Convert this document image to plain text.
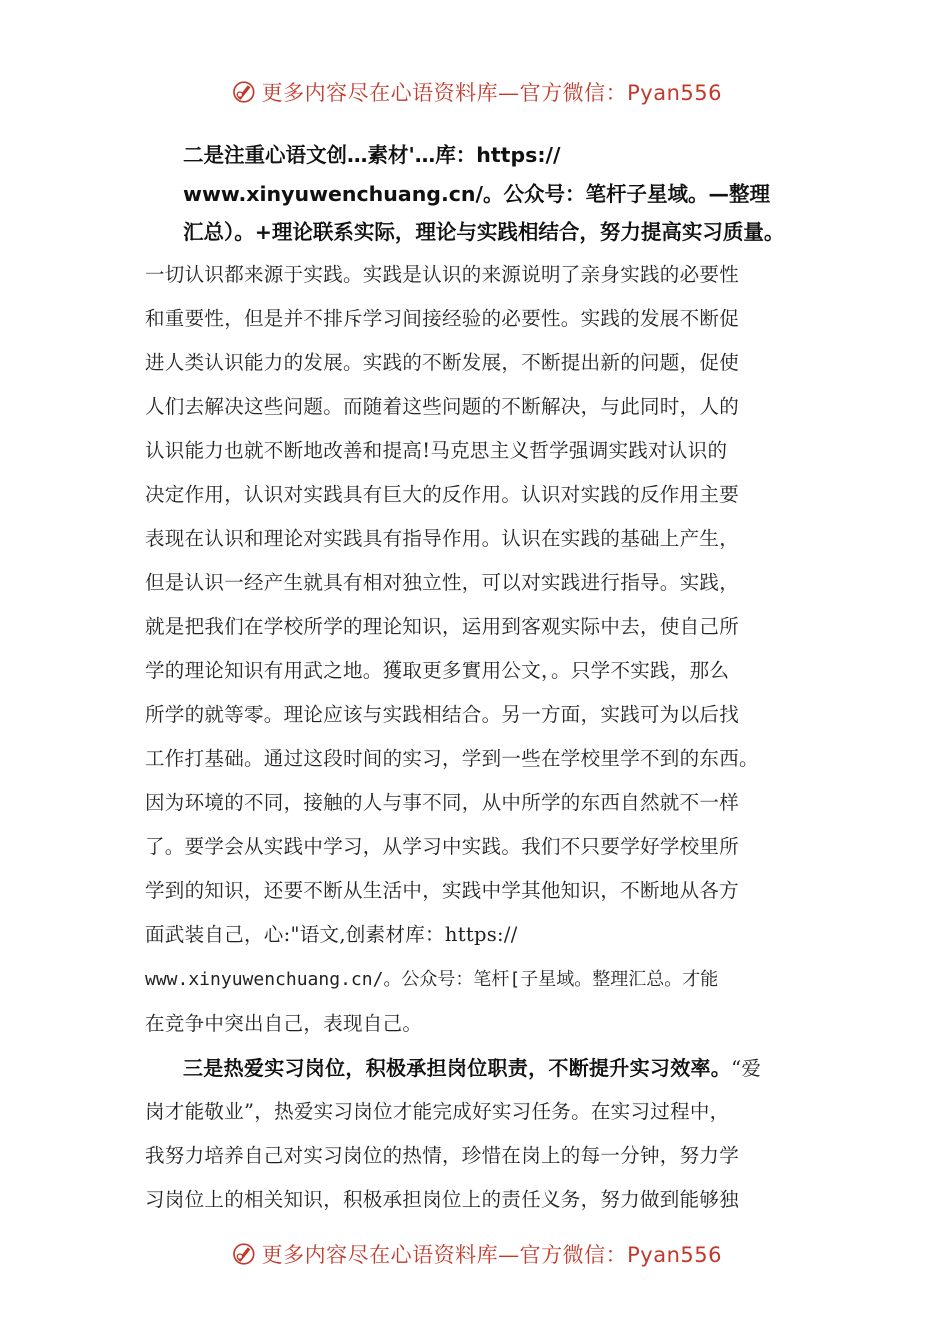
更多内容尽在心语资料库—官方微信：Pyan556
二是注重心语文创…素材'…库：https://
www.xinyuwenchuang.cn/。公众号：笔杆子星域。—整理
汇总）。+理论联系实际，理论与实践相结合，努力提高实习质量。
一切认识都来源于实践。实践是认识的来源说明了亲身实践的必要性
和重要性，但是并不排斥学习间接经验的必要性。实践的发展不断促
进人类认识能力的发展。实践的不断发展，不断提出新的问题，促使
人们去解决这些问题。而随着这些问题的不断解决，与此同时，人的
认识能力也就不断地改善和提高!马克思主义哲学强调实践对认识的
决定作用，认识对实践具有巨大的反作用。认识对实践的反作用主要
表现在认识和理论对实践具有指导作用。认识在实践的基础上产生，
但是认识一经产生就具有相对独立性，可以对实践进行指导。实践，
就是把我们在学校所学的理论知识，运用到客观实际中去，使自己所
学的理论知识有用武之地。獲取更多實用公文，。只学不实践，那么
所学的就等零。理论应该与实践相结合。另一方面，实践可为以后找
工作打基础。通过这段时间的实习，学到一些在学校里学不到的东西。
因为环境的不同，接触的人与事不同，从中所学的东西自然就不一样
了。要学会从实践中学习，从学习中实践。我们不只要学好学校里所
学到的知识，还要不断从生活中，实践中学其他知识，不断地从各方
面武装自己，心:"语文,创素材库：https://
www.xinyuwenchuang.cn/。公众号：笔杆[子星域。整理汇总。才能
在竞争中突出自己，表现自己。
三是热爱实习岗位，积极承担岗位职责，不断提升实习效率。“爱
岗才能敬业”，热爱实习岗位才能完成好实习任务。在实习过程中，
我努力培养自己对实习岗位的热情，珍惜在岗上的每一分钟，努力学
习岗位上的相关知识，积极承担岗位上的责任义务，努力做到能够独
更多内容尽在心语资料库—官方微信：Pyan556
